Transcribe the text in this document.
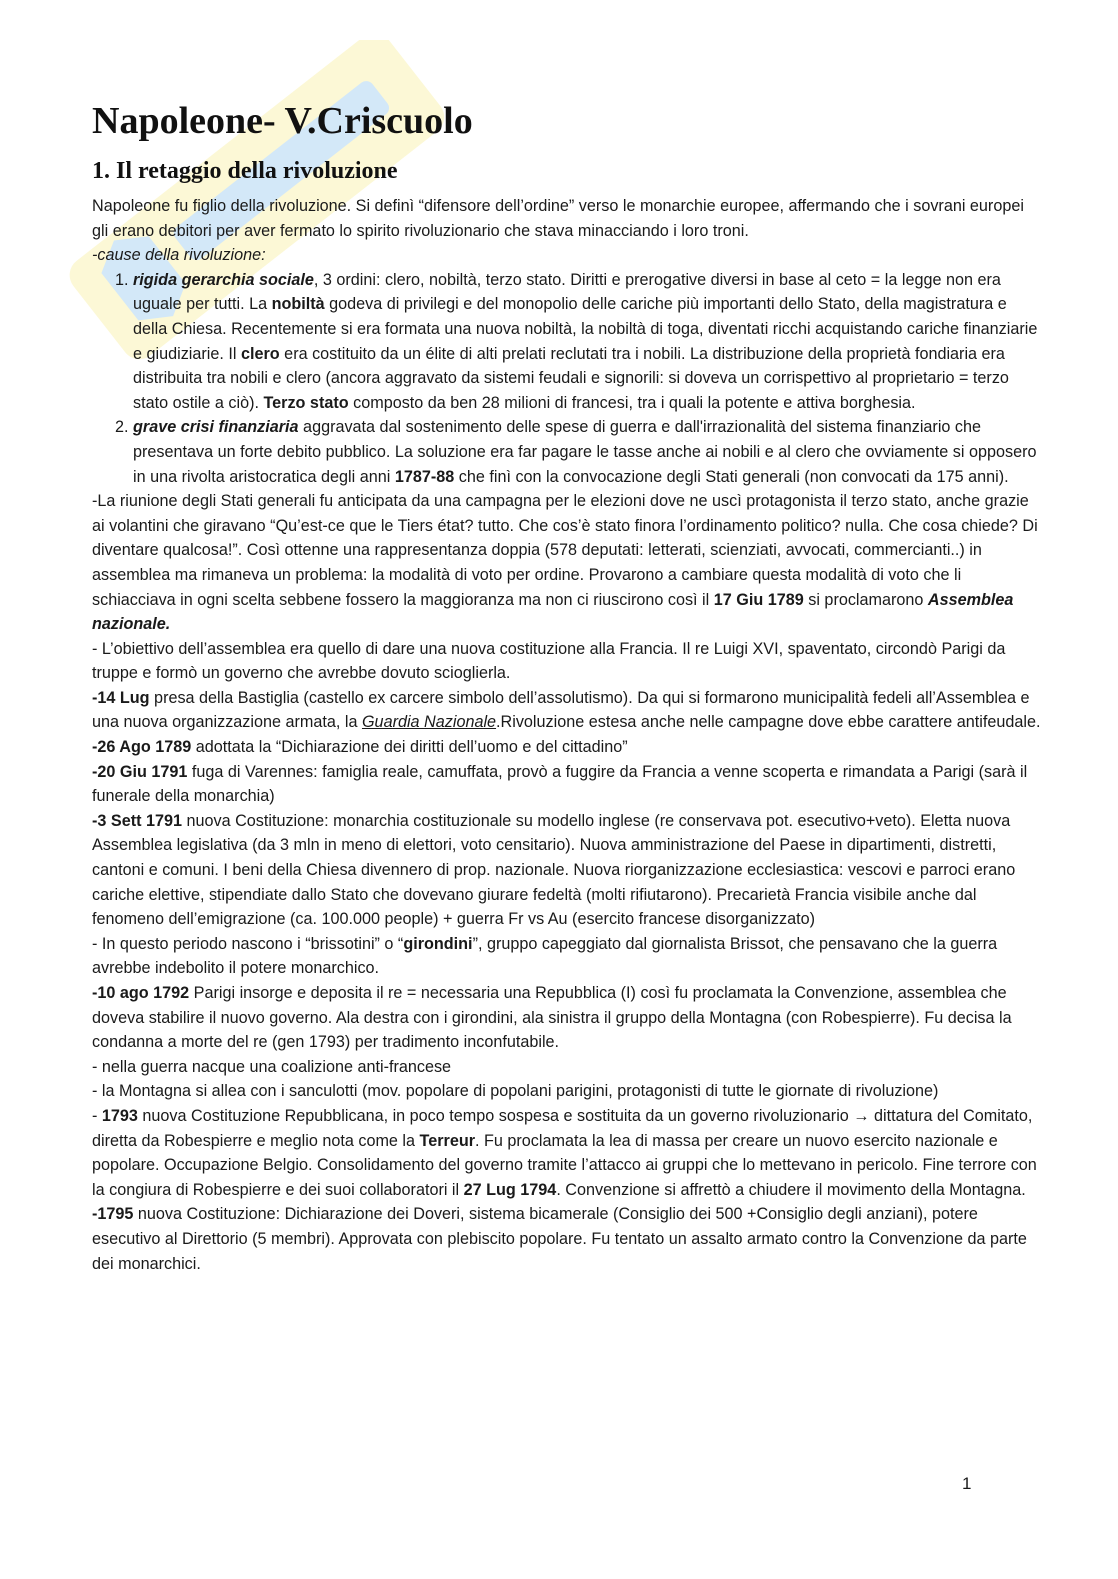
Napoleone- V.Criscuolo
1. Il retaggio della rivoluzione

Napoleone fu figlio della rivoluzione. Si definì “difensore dell’ordine” verso le monarchie europee, affermando che i sovrani europei gli erano debitori per aver fermato lo spirito rivoluzionario che stava minacciando i loro troni.

-cause della rivoluzione:

1. rigida gerarchia sociale, 3 ordini: clero, nobiltà, terzo stato. Diritti e prerogative diversi in base al ceto = la legge non era uguale per tutti. La nobiltà godeva di privilegi e del monopolio delle cariche più importanti dello Stato, della magistratura e della Chiesa. Recentemente si era formata una nuova nobiltà, la nobiltà di toga, diventati ricchi acquistando cariche finanziarie e giudiziarie. Il clero era costituito da un élite di alti prelati reclutati tra i nobili. La distribuzione della proprietà fondiaria era distribuita tra nobili e clero (ancora aggravato da sistemi feudali e signorili: si doveva un corrispettivo al proprietario = terzo stato ostile a ciò). Terzo stato composto da ben 28 milioni di francesi, tra i quali la potente e attiva borghesia.
2. grave crisi finanziaria aggravata dal sostenimento delle spese di guerra e dall'irrazionalità del sistema finanziario che presentava un forte debito pubblico. La soluzione era far pagare le tasse anche ai nobili e al clero che ovviamente si opposero in una rivolta aristocratica degli anni 1787-88 che finì con la convocazione degli Stati generali (non convocati da 175 anni).

-La riunione degli Stati generali fu anticipata da una campagna per le elezioni dove ne uscì protagonista il terzo stato, anche grazie ai volantini che giravano “Qu’est-ce que le Tiers état? tutto. Che cos’è stato finora l’ordinamento politico? nulla. Che cosa chiede? Di diventare qualcosa!”. Così ottenne una rappresentanza doppia (578 deputati: letterati, scienziati, avvocati, commercianti..) in assemblea ma rimaneva un problema: la modalità di voto per ordine. Provarono a cambiare questa modalità di voto che li schiacciava in ogni scelta sebbene fossero la maggioranza ma non ci riuscirono così il 17 Giu 1789 si proclamarono Assemblea nazionale.

- L’obiettivo dell’assemblea era quello di dare una nuova costituzione alla Francia. Il re Luigi XVI, spaventato, circondò Parigi da truppe e formò un governo che avrebbe dovuto scioglierla.

-14 Lug presa della Bastiglia (castello ex carcere simbolo dell’assolutismo). Da qui si formarono municipalità fedeli all’Assemblea e una nuova organizzazione armata, la Guardia Nazionale.Rivoluzione estesa anche nelle campagne dove ebbe carattere antifeudale.

-26 Ago 1789 adottata la “Dichiarazione dei diritti dell’uomo e del cittadino”

-20 Giu 1791 fuga di Varennes: famiglia reale, camuffata, provò a fuggire da Francia a venne scoperta e rimandata a Parigi (sarà il funerale della monarchia)

-3 Sett 1791 nuova Costituzione: monarchia costituzionale su modello inglese (re conservava pot. esecutivo+veto). Eletta nuova Assemblea legislativa (da 3 mln in meno di elettori, voto censitario). Nuova amministrazione del Paese in dipartimenti, distretti, cantoni e comuni. I beni della Chiesa divennero di prop. nazionale. Nuova riorganizzazione ecclesiastica: vescovi e parroci erano cariche elettive, stipendiate dallo Stato che dovevano giurare fedeltà (molti rifiutarono). Precarietà Francia visibile anche dal fenomeno dell’emigrazione (ca. 100.000 people) + guerra Fr vs Au (esercito francese disorganizzato)

- In questo periodo nascono i “brissotini” o “girondini”, gruppo capeggiato dal giornalista Brissot, che pensavano che la guerra avrebbe indebolito il potere monarchico.

-10 ago 1792 Parigi insorge e deposita il re = necessaria una Repubblica (I) così fu proclamata la Convenzione, assemblea che doveva stabilire il nuovo governo. Ala destra con i girondini, ala sinistra il gruppo della Montagna (con Robespierre). Fu decisa la condanna a morte del re (gen 1793) per tradimento inconfutabile.

- nella guerra nacque una coalizione anti-francese

- la Montagna si allea con i sanculotti (mov. popolare di popolani parigini, protagonisti di tutte le giornate di rivoluzione)

- 1793 nuova Costituzione Repubblicana, in poco tempo sospesa e sostituita da un governo rivoluzionario → dittatura del Comitato, diretta da Robespierre e meglio nota come la Terreur. Fu proclamata la lea di massa per creare un nuovo esercito nazionale e popolare. Occupazione Belgio. Consolidamento del governo tramite l’attacco ai gruppi che lo mettevano in pericolo. Fine terrore con la congiura di Robespierre e dei suoi collaboratori il 27 Lug 1794. Convenzione si affrettò a chiudere il movimento della Montagna.

-1795 nuova Costituzione: Dichiarazione dei Doveri, sistema bicamerale (Consiglio dei 500 +Consiglio degli anziani), potere esecutivo al Direttorio (5 membri). Approvata con plebiscito popolare. Fu tentato un assalto armato contro la Convenzione da parte dei monarchici.

1
